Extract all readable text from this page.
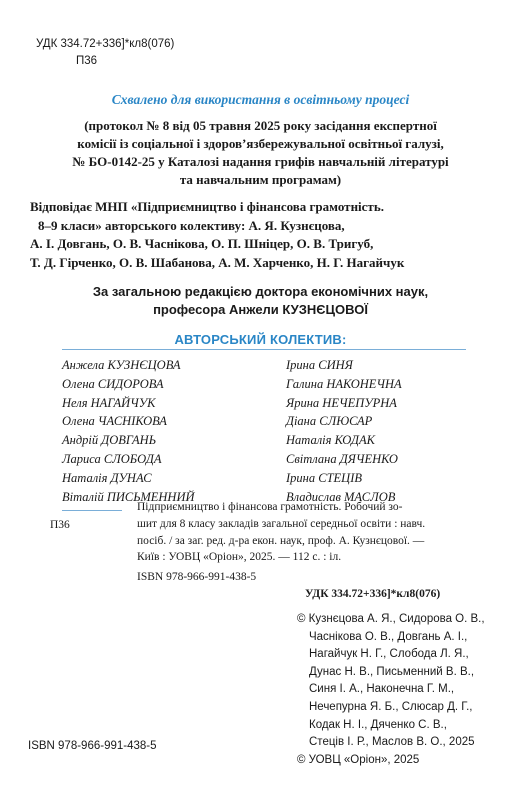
УДК 334.72+336]*кл8(076)
П36
Схвалено для використання в освітньому процесі
(протокол № 8 від 05 травня 2025 року засідання експертної
комісії із соціальної і здоров’язбережувальної освітньої галузі,
№ БО-0142-25 у Каталозі надання грифів навчальній літературі
та навчальним програмам)
Відповідає МНП «Підприємництво і фінансова грамотність.
8–9 класи» авторського колективу: А. Я. Кузнєцова,
А. І. Довгань, О. В. Часнікова, О. П. Шніцер, О. В. Тригуб,
Т. Д. Гірченко, О. В. Шабанова, А. М. Харченко, Н. Г. Нагайчук
За загальною редакцією доктора економічних наук,
професора Анжели КУЗНЄЦОВОЇ
АВТОРСЬКИЙ КОЛЕКТИВ:
Анжела КУЗНЄЦОВА
Олена СИДОРОВА
Неля НАГАЙЧУК
Олена ЧАСНІКОВА
Андрій ДОВГАНЬ
Лариса СЛОБОДА
Наталія ДУНАС
Віталій ПИСЬМЕННИЙ
Ірина СИНЯ
Галина НАКОНЕЧНА
Ярина НЕЧЕПУРНА
Діана СЛЮСАР
Наталія КОДАК
Світлана ДЯЧЕНКО
Ірина СТЕЦІВ
Владислав МАСЛОВ
П36
Підприємництво і фінансова грамотність. Робочий зо-
шит для 8 класу закладів загальної середньої освіти : навч.
посіб. / за заг. ред. д-ра екон. наук, проф. А. Кузнєцової. —
Київ : УОВЦ «Оріон», 2025. — 112 с. : іл.
ISBN 978-966-991-438-5
УДК 334.72+336]*кл8(076)
© Кузнєцова А. Я., Сидорова О. В.,
Часнікова О. В., Довгань А. І.,
Нагайчук Н. Г., Слобода Л. Я.,
Дунас Н. В., Письменний В. В.,
Синя І. А., Наконечна Г. М.,
Нечепурна Я. Б., Слюсар Д. Г.,
Кодак Н. І., Дяченко С. В.,
Стеців І. Р., Маслов В. О., 2025
© УОВЦ «Оріон», 2025
ISBN 978-966-991-438-5
